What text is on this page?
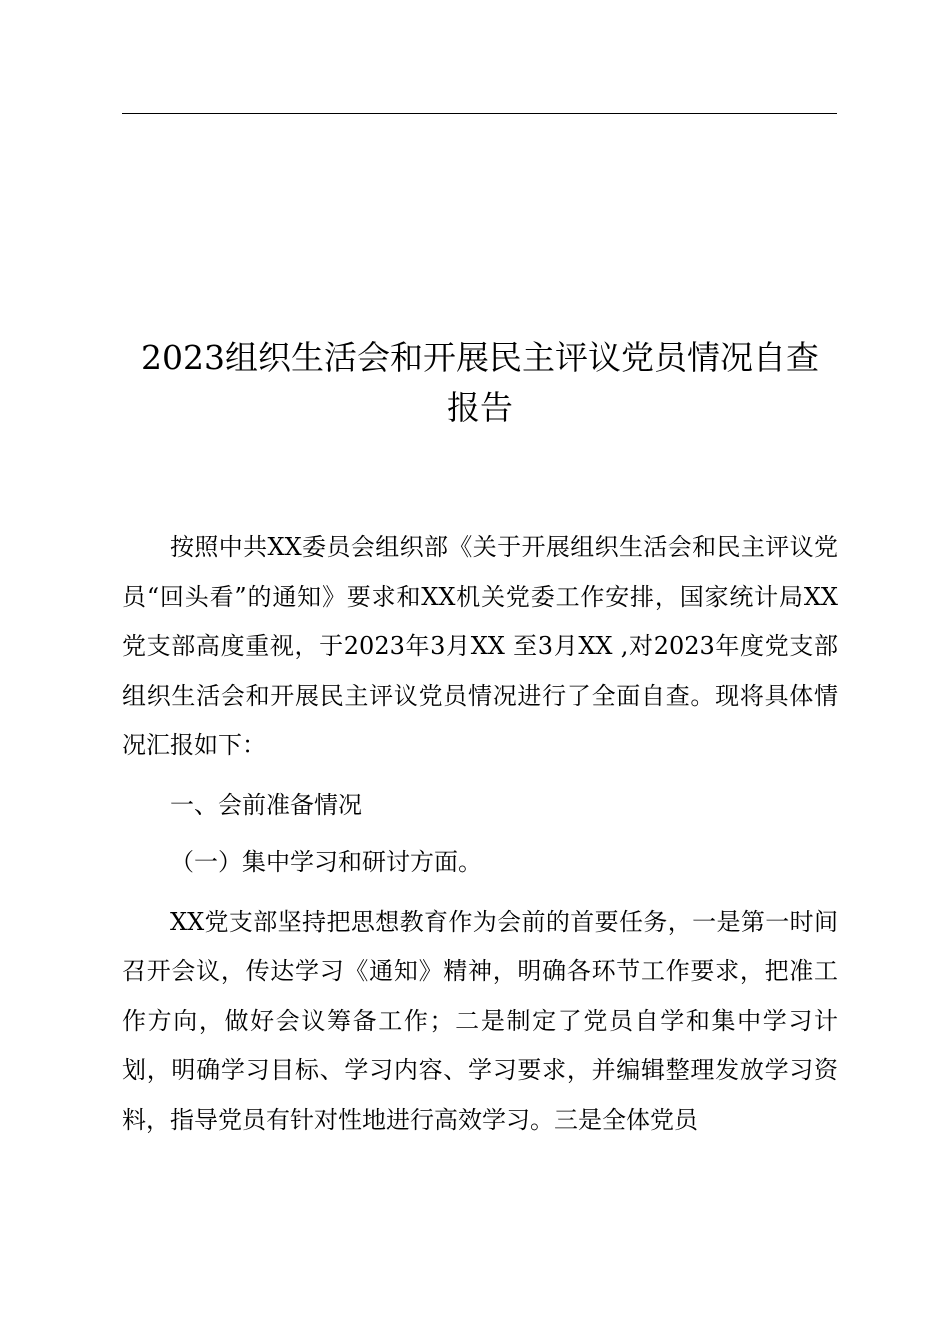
2023组织生活会和开展民主评议党员情况自查
报告

按照中共XX委员会组织部《关于开展组织生活会和民主评议党员“回头看”的通知》要求和XX机关党委工作安排，国家统计局XX党支部高度重视，于2023年3月XX 至3月XX ,对2023年度党支部组织生活会和开展民主评议党员情况进行了全面自查。现将具体情况汇报如下：

一、会前准备情况

（一）集中学习和研讨方面。

XX党支部坚持把思想教育作为会前的首要任务，一是第一时间召开会议，传达学习《通知》精神，明确各环节工作要求，把准工作方向，做好会议筹备工作；二是制定了党员自学和集中学习计划，明确学习目标、学习内容、学习要求，并编辑整理发放学习资料，指导党员有针对性地进行高效学习。三是全体党员
